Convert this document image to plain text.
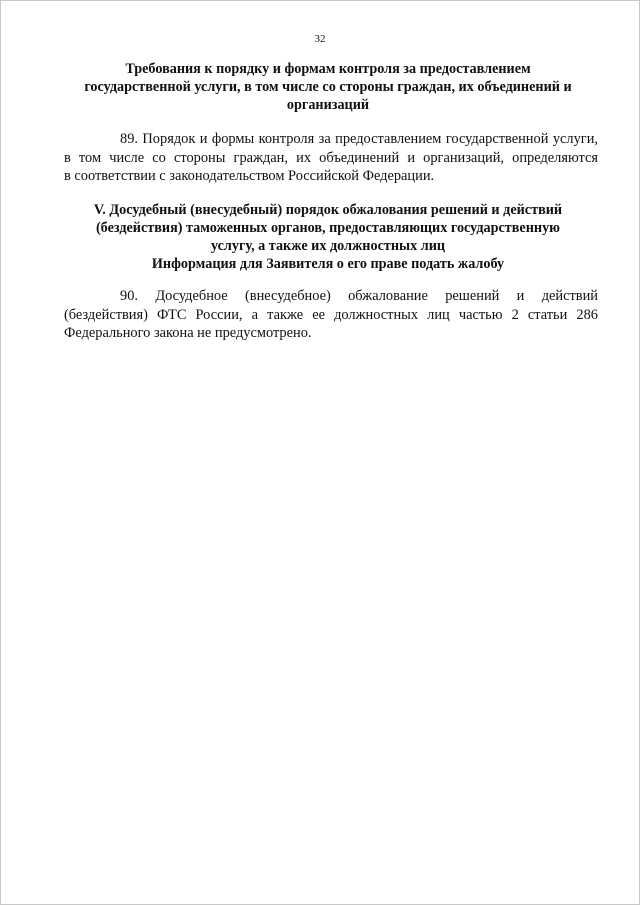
32
Требования к порядку и формам контроля за предоставлением
государственной услуги, в том числе со стороны граждан, их объединений и
организаций
89. Порядок и формы контроля за предоставлением государственной услуги,
в том числе со стороны граждан, их объединений и организаций, определяются
в соответствии с законодательством Российской Федерации.
V. Досудебный (внесудебный) порядок обжалования решений и действий
(бездействия) таможенных органов, предоставляющих государственную
услугу, а также их должностных лиц
Информация для Заявителя о его праве подать жалобу
90. Досудебное (внесудебное) обжалование решений и действий
(бездействия) ФТС России, а также ее должностных лиц частью 2 статьи 286
Федерального закона не предусмотрено.
